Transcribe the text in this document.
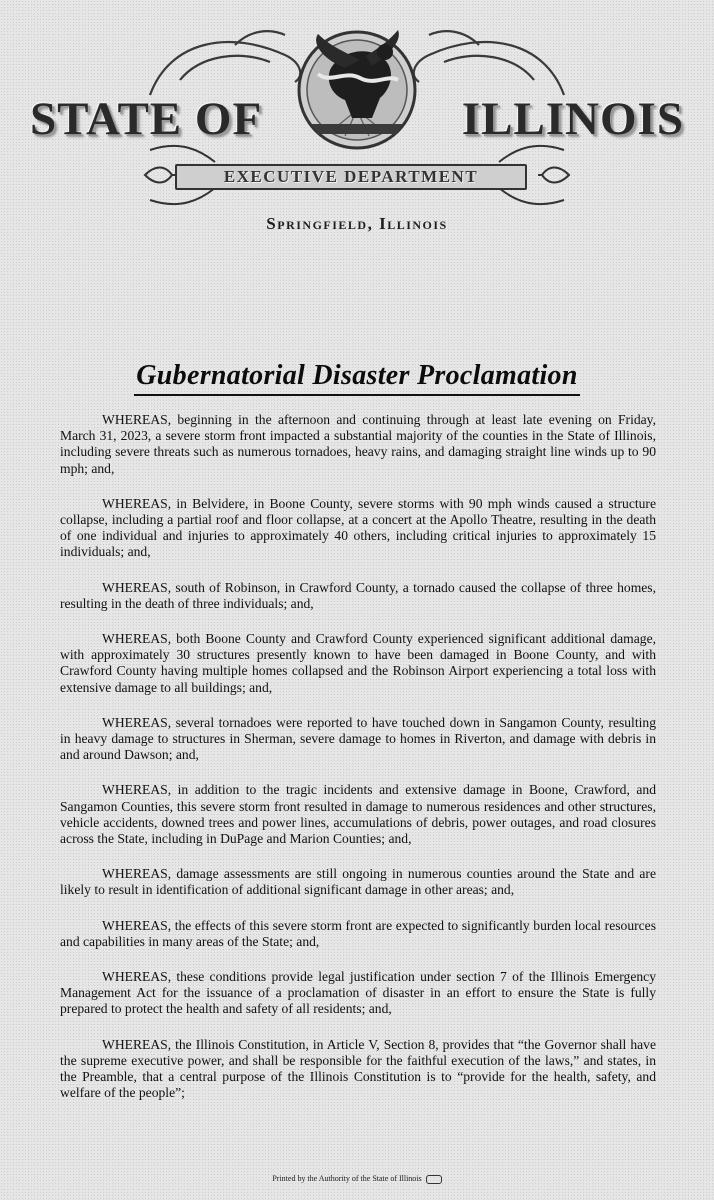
STATE OF	ILLINOIS
EXECUTIVE DEPARTMENT
Springfield, Illinois
Gubernatorial Disaster Proclamation

WHEREAS, beginning in the afternoon and continuing through at least late evening on Friday, March 31, 2023, a severe storm front impacted a substantial majority of the counties in the State of Illinois, including severe threats such as numerous tornadoes, heavy rains, and damaging straight line winds up to 90 mph; and,

WHEREAS, in Belvidere, in Boone County, severe storms with 90 mph winds caused a structure collapse, including a partial roof and floor collapse, at a concert at the Apollo Theatre, resulting in the death of one individual and injuries to approximately 40 others, including critical injuries to approximately 15 individuals; and,

WHEREAS, south of Robinson, in Crawford County, a tornado caused the collapse of three homes, resulting in the death of three individuals; and,

WHEREAS, both Boone County and Crawford County experienced significant additional damage, with approximately 30 structures presently known to have been damaged in Boone County, and with Crawford County having multiple homes collapsed and the Robinson Airport experiencing a total loss with extensive damage to all buildings; and,

WHEREAS, several tornadoes were reported to have touched down in Sangamon County, resulting in heavy damage to structures in Sherman, severe damage to homes in Riverton, and damage with debris in and around Dawson; and,

WHEREAS, in addition to the tragic incidents and extensive damage in Boone, Crawford, and Sangamon Counties, this severe storm front resulted in damage to numerous residences and other structures, vehicle accidents, downed trees and power lines, accumulations of debris, power outages, and road closures across the State, including in DuPage and Marion Counties; and,

WHEREAS, damage assessments are still ongoing in numerous counties around the State and are likely to result in identification of additional significant damage in other areas; and,

WHEREAS, the effects of this severe storm front are expected to significantly burden local resources and capabilities in many areas of the State; and,

WHEREAS, these conditions provide legal justification under section 7 of the Illinois Emergency Management Act for the issuance of a proclamation of disaster in an effort to ensure the State is fully prepared to protect the health and safety of all residents; and,

WHEREAS, the Illinois Constitution, in Article V, Section 8, provides that “the Governor shall have the supreme executive power, and shall be responsible for the faithful execution of the laws,” and states, in the Preamble, that a central purpose of the Illinois Constitution is to “provide for the health, safety, and welfare of the people”;

Printed by the Authority of the State of Illinois
